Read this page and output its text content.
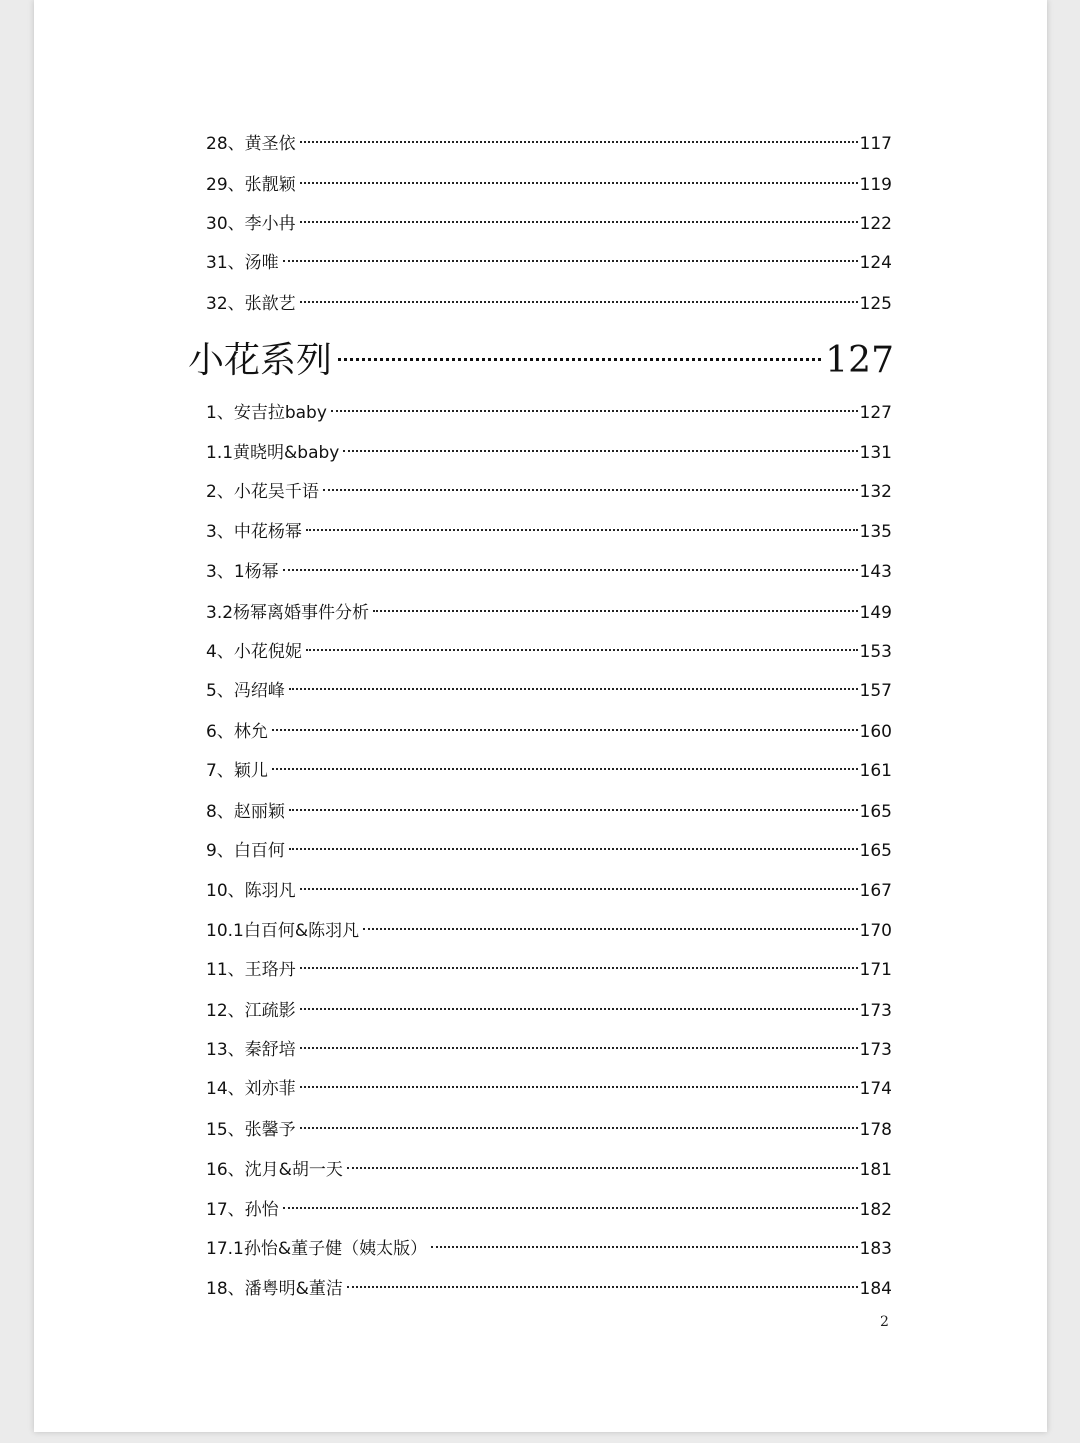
28、黄圣依	117
29、张靓颖	119
30、李小冉	122
31、汤唯	124
32、张歆艺	125
小花系列	127
1、安吉拉baby	127
1.1黄晓明&baby	131
2、小花吴千语	132
3、中花杨幂	135
3、1杨幂	143
3.2杨幂离婚事件分析	149
4、小花倪妮	153
5、冯绍峰	157
6、林允	160
7、颖儿	161
8、赵丽颖	165
9、白百何	165
10、陈羽凡	167
10.1白百何&陈羽凡	170
11、王珞丹	171
12、江疏影	173
13、秦舒培	173
14、刘亦菲	174
15、张馨予	178
16、沈月&胡一天	181
17、孙怡	182
17.1孙怡&董子健（姨太版）	183
18、潘粤明&董洁	184
2
